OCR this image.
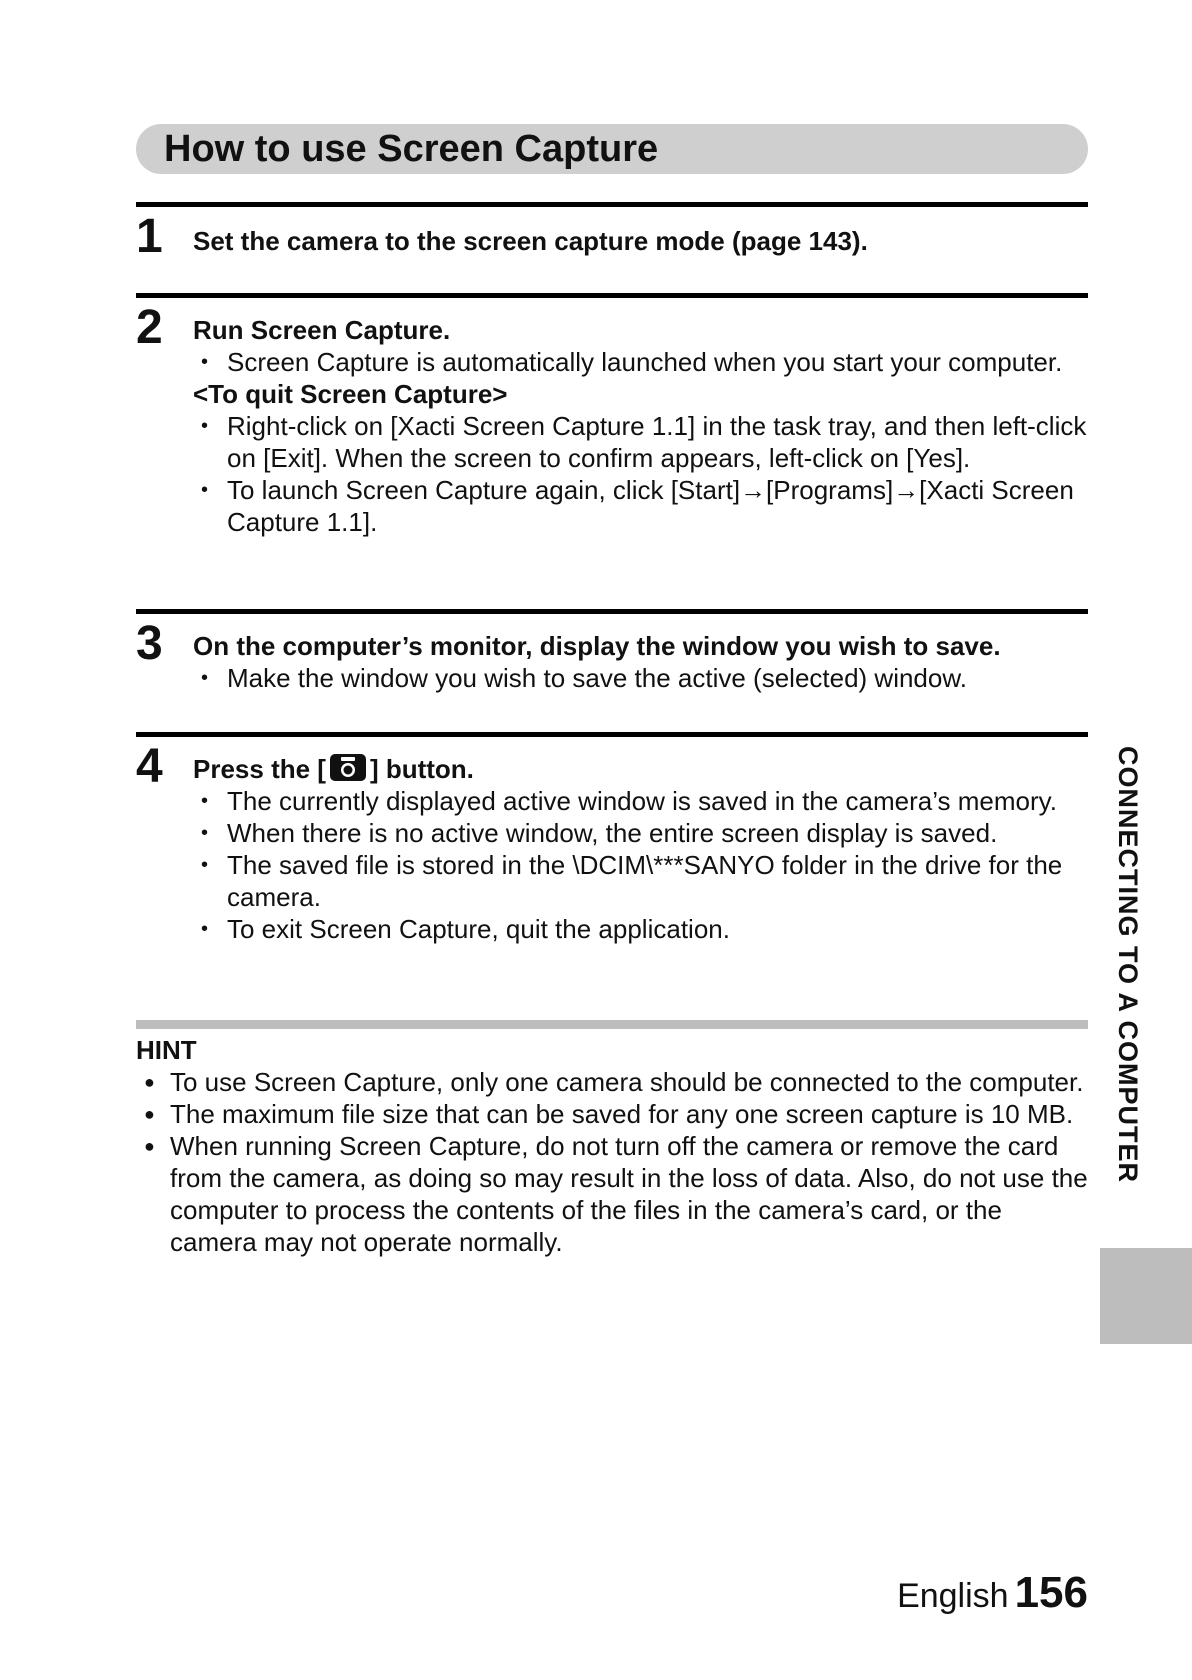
How to use Screen Capture
1 Set the camera to the screen capture mode (page 143).

2 Run Screen Capture.

• Screen Capture is automatically launched when you start your computer.

<To quit Screen Capture>

• Right-click on [Xacti Screen Capture 1.1] in the task tray, and then left-click on [Exit]. When the screen to confirm appears, left-click on [Yes].
• To launch Screen Capture again, click [Start]→[Programs]→[Xacti Screen Capture 1.1].
3 On the computer’s monitor, display the window you wish to save.

• Make the window you wish to save the active (selected) window.
4 Press the [ ] button.

• The currently displayed active window is saved in the camera’s memory.
• When there is no active window, the entire screen display is saved.
• The saved file is stored in the \DCIM\***SANYO folder in the drive for the camera.
• To exit Screen Capture, quit the application.
HINT
● To use Screen Capture, only one camera should be connected to the computer.
● The maximum file size that can be saved for any one screen capture is 10 MB.
● When running Screen Capture, do not turn off the camera or remove the card from the camera, as doing so may result in the loss of data. Also, do not use the computer to process the contents of the files in the camera’s card, or the camera may not operate normally.
CONNECTING TO A COMPUTER
English 156
